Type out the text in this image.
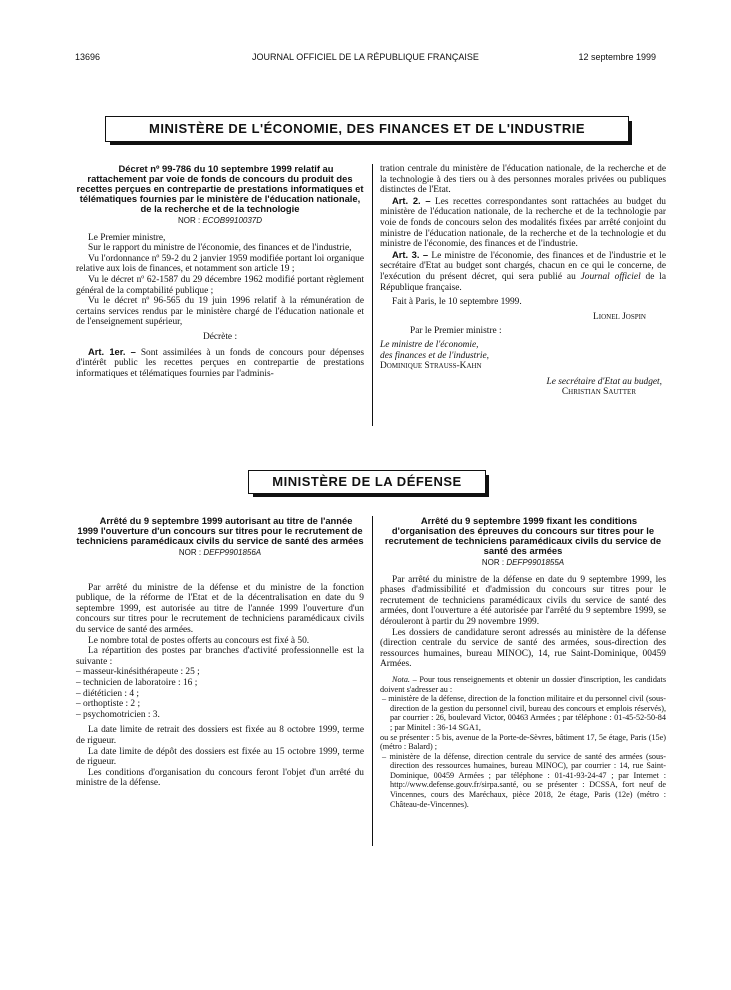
13696	JOURNAL OFFICIEL DE LA RÉPUBLIQUE FRANÇAISE	12 septembre 1999
MINISTÈRE DE L'ÉCONOMIE, DES FINANCES ET DE L'INDUSTRIE

Décret nº 99-786 du 10 septembre 1999 relatif au rattachement par voie de fonds de concours du produit des recettes perçues en contrepartie de prestations informatiques et télématiques fournies par le ministère de l'éducation nationale, de la recherche et de la technologie

NOR : ECOB9910037D

Le Premier ministre,

Sur le rapport du ministre de l'économie, des finances et de l'industrie,

Vu l'ordonnance nº 59-2 du 2 janvier 1959 modifiée portant loi organique relative aux lois de finances, et notamment son article 19 ;

Vu le décret nº 62-1587 du 29 décembre 1962 modifié portant règlement général de la comptabilité publique ;

Vu le décret nº 96-565 du 19 juin 1996 relatif à la rémunération de certains services rendus par le ministère chargé de l'éducation nationale et de l'enseignement supérieur,

Décrète :

Art. 1er. – Sont assimilées à un fonds de concours pour dépenses d'intérêt public les recettes perçues en contrepartie de prestations informatiques et télématiques fournies par l'adminis-

tration centrale du ministère de l'éducation nationale, de la recherche et de la technologie à des tiers ou à des personnes morales privées ou publiques distinctes de l'Etat.

Art. 2. – Les recettes correspondantes sont rattachées au budget du ministère de l'éducation nationale, de la recherche et de la technologie par voie de fonds de concours selon des modalités fixées par arrêté conjoint du ministre de l'éducation nationale, de la recherche et de la technologie et du ministre de l'économie, des finances et de l'industrie.

Art. 3. – Le ministre de l'économie, des finances et de l'industrie et le secrétaire d'Etat au budget sont chargés, chacun en ce qui le concerne, de l'exécution du présent décret, qui sera publié au Journal officiel de la République française.

Fait à Paris, le 10 septembre 1999.

Lionel Jospin

Par le Premier ministre :

Le ministre de l'économie,

des finances et de l'industrie,

Dominique Strauss-Kahn

Le secrétaire d'Etat au budget,

Christian Sautter

MINISTÈRE DE LA DÉFENSE

Arrêté du 9 septembre 1999 autorisant au titre de l'année 1999 l'ouverture d'un concours sur titres pour le recrutement de techniciens paramédicaux civils du service de santé des armées

NOR : DEFP9901856A

Par arrêté du ministre de la défense et du ministre de la fonction publique, de la réforme de l'Etat et de la décentralisation en date du 9 septembre 1999, est autorisée au titre de l'année 1999 l'ouverture d'un concours sur titres pour le recrutement de techniciens paramédicaux civils du service de santé des armées.

Le nombre total de postes offerts au concours est fixé à 50.

La répartition des postes par branches d'activité professionnelle est la suivante :

– masseur-kinésithérapeute : 25 ;

– technicien de laboratoire : 16 ;

– diététicien : 4 ;

– orthoptiste : 2 ;

– psychomotricien : 3.

La date limite de retrait des dossiers est fixée au 8 octobre 1999, terme de rigueur.

La date limite de dépôt des dossiers est fixée au 15 octobre 1999, terme de rigueur.

Les conditions d'organisation du concours feront l'objet d'un arrêté du ministre de la défense.

Arrêté du 9 septembre 1999 fixant les conditions d'organisation des épreuves du concours sur titres pour le recrutement de techniciens paramédicaux civils du service de santé des armées

NOR : DEFP9901855A

Par arrêté du ministre de la défense en date du 9 septembre 1999, les phases d'admissibilité et d'admission du concours sur titres pour le recrutement de techniciens paramédicaux civils du service de santé des armées, dont l'ouverture a été autorisée par l'arrêté du 9 septembre 1999, se dérouleront à partir du 29 novembre 1999.

Les dossiers de candidature seront adressés au ministère de la défense (direction centrale du service de santé des armées, sous-direction des ressources humaines, bureau MINOC), 14, rue Saint-Dominique, 00459 Armées.

Nota. – Pour tous renseignements et obtenir un dossier d'inscription, les candidats doivent s'adresser au :

– ministère de la défense, direction de la fonction militaire et du personnel civil (sous-direction de la gestion du personnel civil, bureau des concours et emplois réservés), par courrier : 26, boulevard Victor, 00463 Armées ; par téléphone : 01-45-52-50-84 ; par Minitel : 36-14 SGA1,

ou se présenter : 5 bis, avenue de la Porte-de-Sèvres, bâtiment 17, 5e étage, Paris (15e) (métro : Balard) ;

– ministère de la défense, direction centrale du service de santé des armées (sous-direction des ressources humaines, bureau MINOC), par courrier : 14, rue Saint-Dominique, 00459 Armées ; par téléphone : 01-41-93-24-47 ; par Internet : http://www.defense.gouv.fr/sirpa.santé, ou se présenter : DCSSA, fort neuf de Vincennes, cours des Maréchaux, pièce 2018, 2e étage, Paris (12e) (métro : Château-de-Vincennes).
